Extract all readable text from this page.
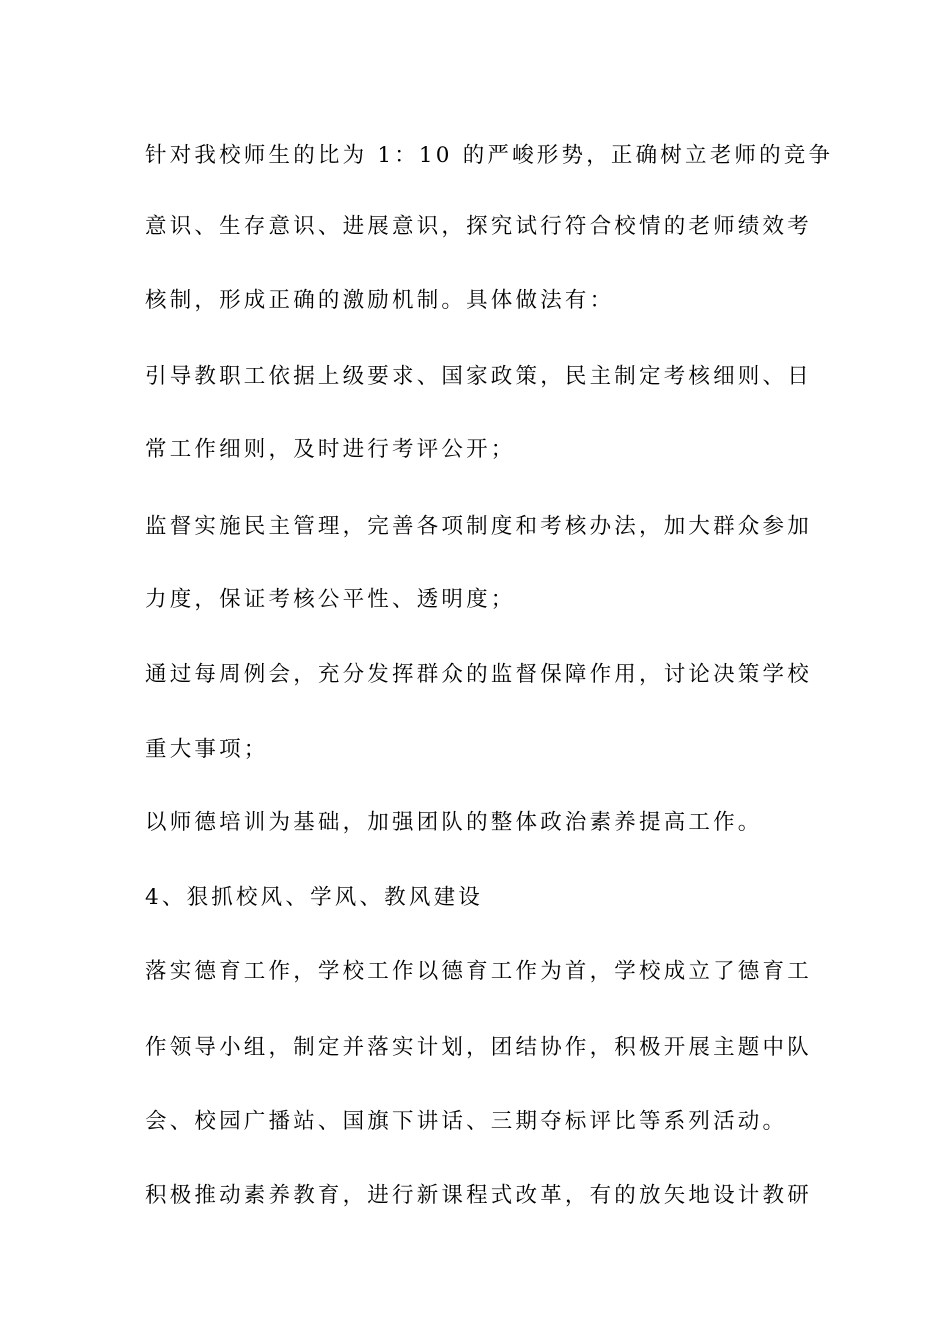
针对我校师生的比为 1：10 的严峻形势，正确树立老师的竞争
意识、生存意识、进展意识，探究试行符合校情的老师绩效考
核制，形成正确的激励机制。具体做法有：
引导教职工依据上级要求、国家政策，民主制定考核细则、日
常工作细则，及时进行考评公开；
监督实施民主管理，完善各项制度和考核办法，加大群众参加
力度，保证考核公平性、透明度；
通过每周例会，充分发挥群众的监督保障作用，讨论决策学校
重大事项；
以师德培训为基础，加强团队的整体政治素养提高工作。
4、狠抓校风、学风、教风建设
落实德育工作，学校工作以德育工作为首，学校成立了德育工
作领导小组，制定并落实计划，团结协作，积极开展主题中队
会、校园广播站、国旗下讲话、三期夺标评比等系列活动。
积极推动素养教育，进行新课程式改革，有的放矢地设计教研
